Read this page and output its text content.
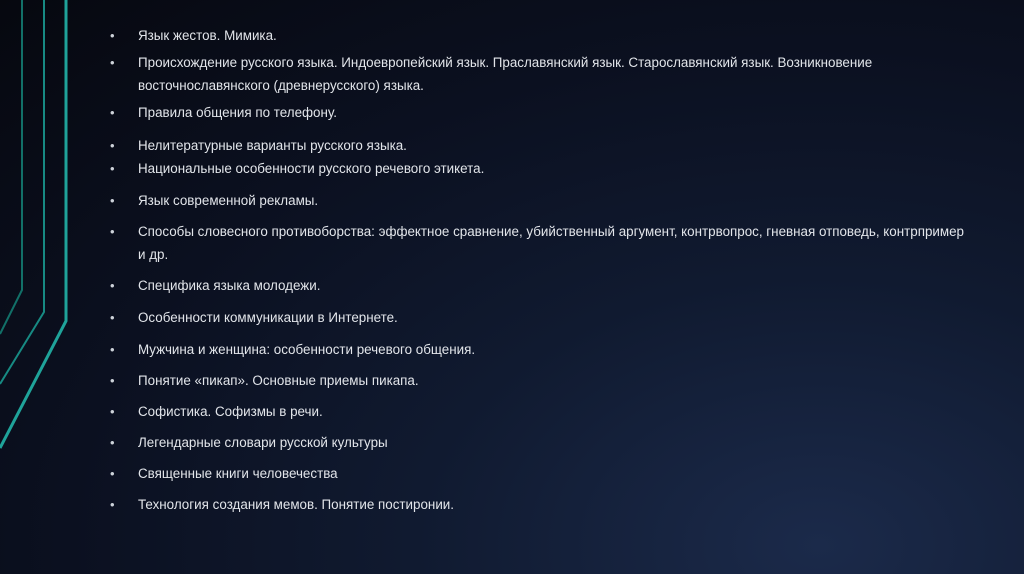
• Язык жестов. Мимика.
• Происхождение русского языка. Индоевропейский язык. Праславянский язык. Старославянский язык. Возникновение восточнославянского (древнерусского) языка.
• Правила общения по телефону.
• Нелитературные варианты русского языка.
• Национальные особенности русского речевого этикета.
• Язык современной рекламы.
• Способы словесного противоборства: эффектное сравнение, убийственный аргумент, контрвопрос, гневная отповедь, контрпример и др.
• Специфика языка молодежи.
• Особенности коммуникации в Интернете.
• Мужчина и женщина: особенности речевого общения.
• Понятие «пикап». Основные приемы пикапа.
• Софистика. Софизмы в речи.
• Легендарные словари русской культуры
• Священные книги человечества
• Технология создания мемов. Понятие постиронии.
